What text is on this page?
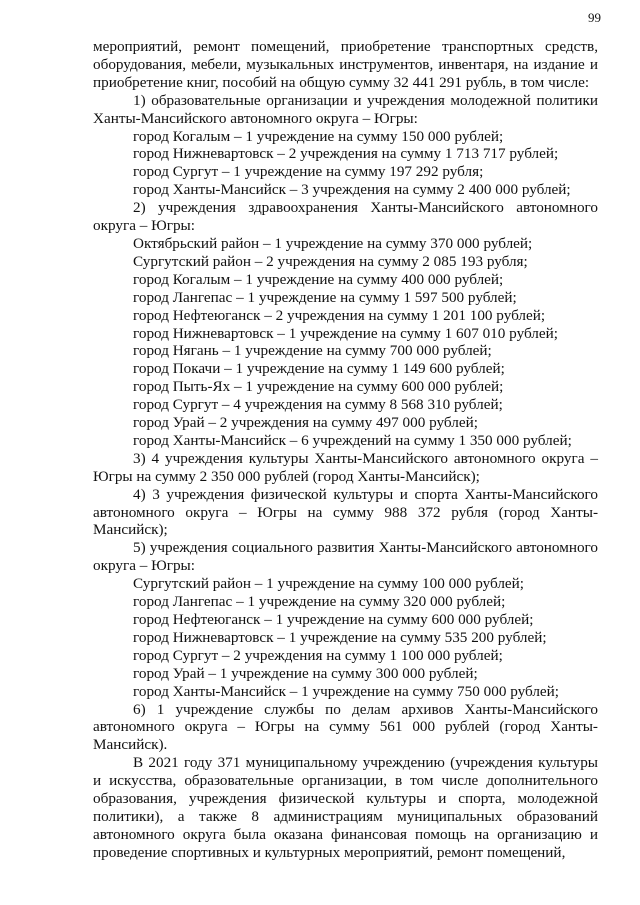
99

мероприятий, ремонт помещений, приобретение транспортных средств, оборудования, мебели, музыкальных инструментов, инвентаря, на издание и приобретение книг, пособий на общую сумму 32 441 291 рубль, в том числе:

1) образовательные организации и учреждения молодежной политики Ханты-Мансийского автономного округа – Югры:

город Когалым – 1 учреждение на сумму 150 000 рублей;

город Нижневартовск – 2 учреждения на сумму 1 713 717 рублей;

город Сургут – 1 учреждение на сумму 197 292 рубля;

город Ханты-Мансийск – 3 учреждения на сумму 2 400 000 рублей;

2) учреждения здравоохранения Ханты-Мансийского автономного округа – Югры:

Октябрьский район – 1 учреждение на сумму 370 000 рублей;

Сургутский район – 2 учреждения на сумму 2 085 193 рубля;

город Когалым – 1 учреждение на сумму 400 000 рублей;

город Лангепас – 1 учреждение на сумму 1 597 500 рублей;

город Нефтеюганск – 2 учреждения на сумму 1 201 100 рублей;

город Нижневартовск – 1 учреждение на сумму 1 607 010 рублей;

город Нягань – 1 учреждение на сумму 700 000 рублей;

город Покачи – 1 учреждение на сумму 1 149 600 рублей;

город Пыть-Ях – 1 учреждение на сумму 600 000 рублей;

город Сургут – 4 учреждения на сумму 8 568 310 рублей;

город Урай – 2 учреждения на сумму 497 000 рублей;

город Ханты-Мансийск – 6 учреждений на сумму 1 350 000 рублей;

3) 4 учреждения культуры Ханты-Мансийского автономного округа – Югры на сумму 2 350 000 рублей (город Ханты-Мансийск);

4) 3 учреждения физической культуры и спорта Ханты-Мансийского автономного округа – Югры на сумму 988 372 рубля (город Ханты-Мансийск);

5) учреждения социального развития Ханты-Мансийского автономного округа – Югры:

Сургутский район – 1 учреждение на сумму 100 000 рублей;

город Лангепас – 1 учреждение на сумму 320 000 рублей;

город Нефтеюганск – 1 учреждение на сумму 600 000 рублей;

город Нижневартовск – 1 учреждение на сумму 535 200 рублей;

город Сургут – 2 учреждения на сумму 1 100 000 рублей;

город Урай – 1 учреждение на сумму 300 000 рублей;

город Ханты-Мансийск – 1 учреждение на сумму 750 000 рублей;

6) 1 учреждение службы по делам архивов Ханты-Мансийского автономного округа – Югры на сумму 561 000 рублей (город Ханты-Мансийск).

В 2021 году 371 муниципальному учреждению (учреждения культуры и искусства, образовательные организации, в том числе дополнительного образования, учреждения физической культуры и спорта, молодежной политики), а также 8 администрациям муниципальных образований автономного округа была оказана финансовая помощь на организацию и проведение спортивных и культурных мероприятий, ремонт помещений,
